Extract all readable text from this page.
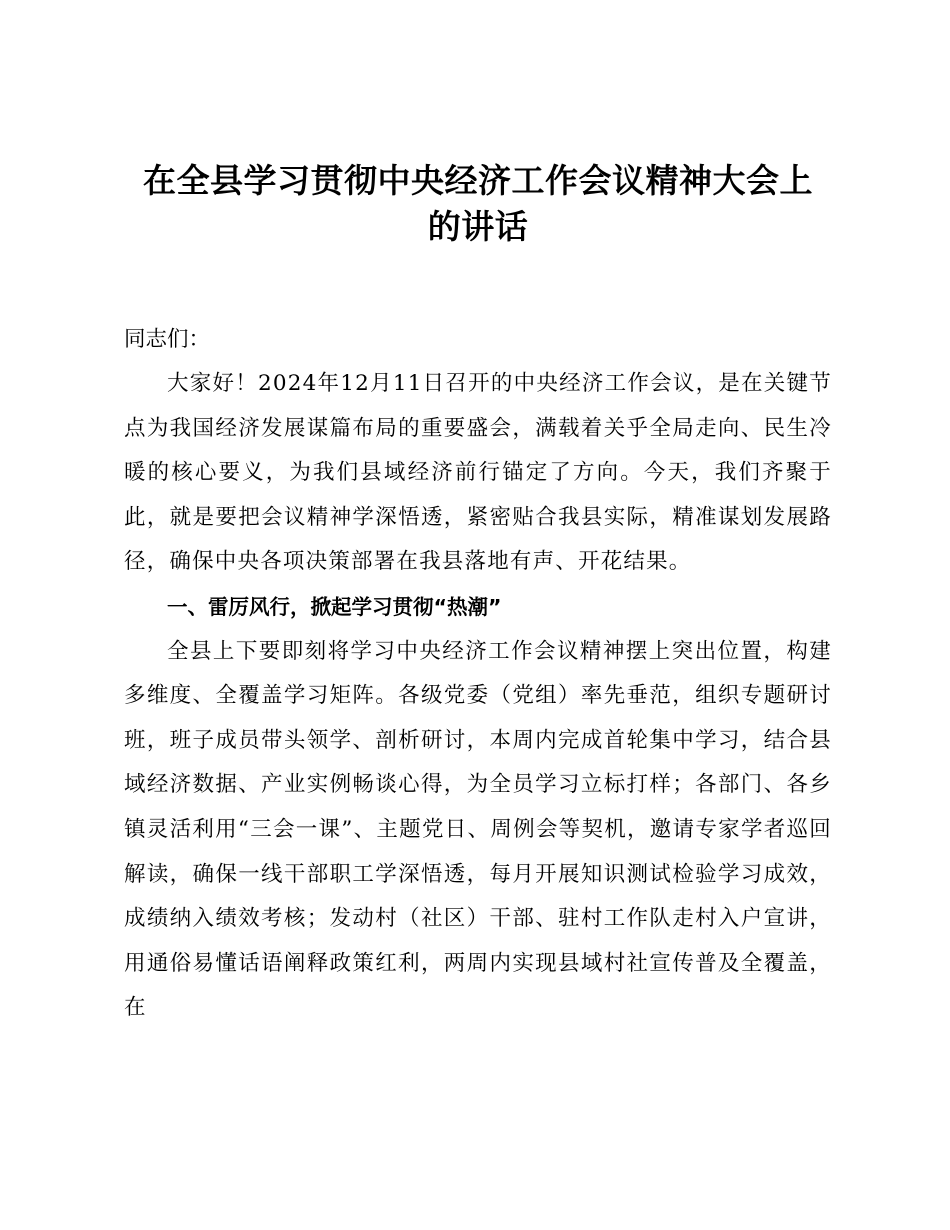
在全县学习贯彻中央经济工作会议精神大会上
的讲话

同志们：

大家好！2024年12月11日召开的中央经济工作会议，是在关键节点为我国经济发展谋篇布局的重要盛会，满载着关乎全局走向、民生冷暖的核心要义，为我们县域经济前行锚定了方向。今天，我们齐聚于此，就是要把会议精神学深悟透，紧密贴合我县实际，精准谋划发展路径，确保中央各项决策部署在我县落地有声、开花结果。

一、雷厉风行，掀起学习贯彻“热潮”

全县上下要即刻将学习中央经济工作会议精神摆上突出位置，构建多维度、全覆盖学习矩阵。各级党委（党组）率先垂范，组织专题研讨班，班子成员带头领学、剖析研讨，本周内完成首轮集中学习，结合县域经济数据、产业实例畅谈心得，为全员学习立标打样；各部门、各乡镇灵活利用“三会一课”、主题党日、周例会等契机，邀请专家学者巡回解读，确保一线干部职工学深悟透，每月开展知识测试检验学习成效，成绩纳入绩效考核；发动村（社区）干部、驻村工作队走村入户宣讲，用通俗易懂话语阐释政策红利，两周内实现县域村社宣传普及全覆盖，在
